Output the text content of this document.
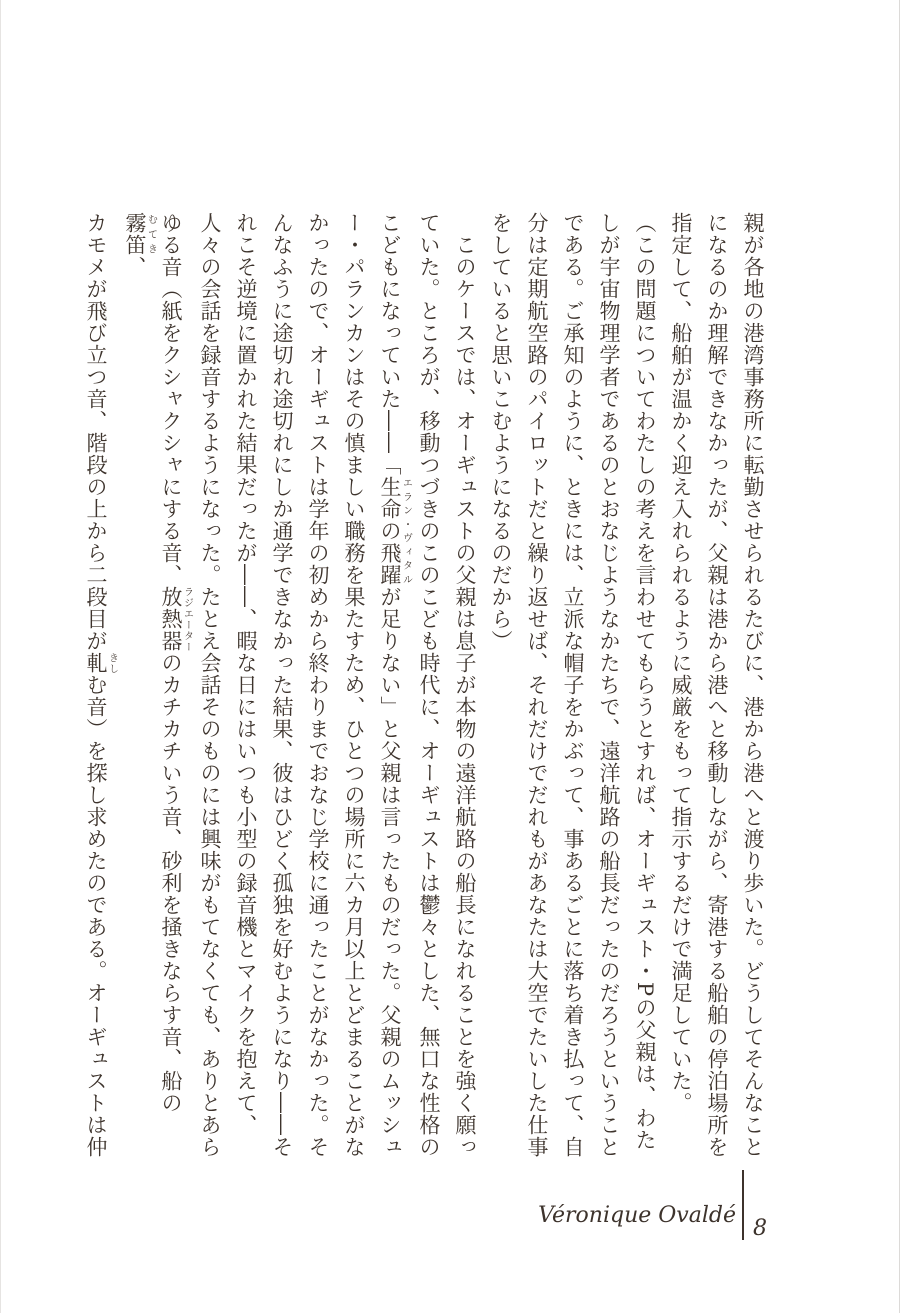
親が各地の港湾事務所に転勤させられるたびに、港から港へと渡り歩いた。どうしてそんなこと

になるのか理解できなかったが、父親は港から港へと移動しながら、寄港する船舶の停泊場所を

指定して、船舶が温かく迎え入れられるように威厳をもって指示するだけで満足していた。

（この問題についてわたしの考えを言わせてもらうとすれば、オーギュスト・Pの父親は、わた

しが宇宙物理学者であるのとおなじようなかたちで、遠洋航路の船長だったのだろうということ

である。ご承知のように、ときには、立派な帽子をかぶって、事あるごとに落ち着き払って、自

分は定期航空路のパイロットだと繰り返せば、それだけでだれもがあなたは大空でたいした仕事

をしていると思いこむようになるのだから）

　このケースでは、オーギュストの父親は息子が本物の遠洋航路の船長になれることを強く願っ

ていた。ところが、移動つづきのこのこども時代に、オーギュストは鬱々とした、無口な性格の

こどもになっていた――「生命の飛躍エラン・ヴィタルが足りない」と父親は言ったものだった。父親のムッシュ

ー・パランカンはその慎ましい職務を果たすため、ひとつの場所に六カ月以上とどまることがな

かったので、オーギュストは学年の初めから終わりまでおなじ学校に通ったことがなかった。そ

んなふうに途切れ途切れにしか通学できなかった結果、彼はひどく孤独を好むようになり――そ

れこそ逆境に置かれた結果だったが――、暇な日にはいつも小型の録音機とマイクを抱えて、

人々の会話を録音するようになった。たとえ会話そのものには興味がもてなくても、ありとあら

ゆる音（紙をクシャクシャにする音、放熱器ラジエーターのカチカチいう音、砂利を掻きならす音、船の霧笛むてき、

カモメが飛び立つ音、階段の上から二段目が軋きしむ音）を探し求めたのである。オーギュストは仲

Véronique Ovaldé
8
